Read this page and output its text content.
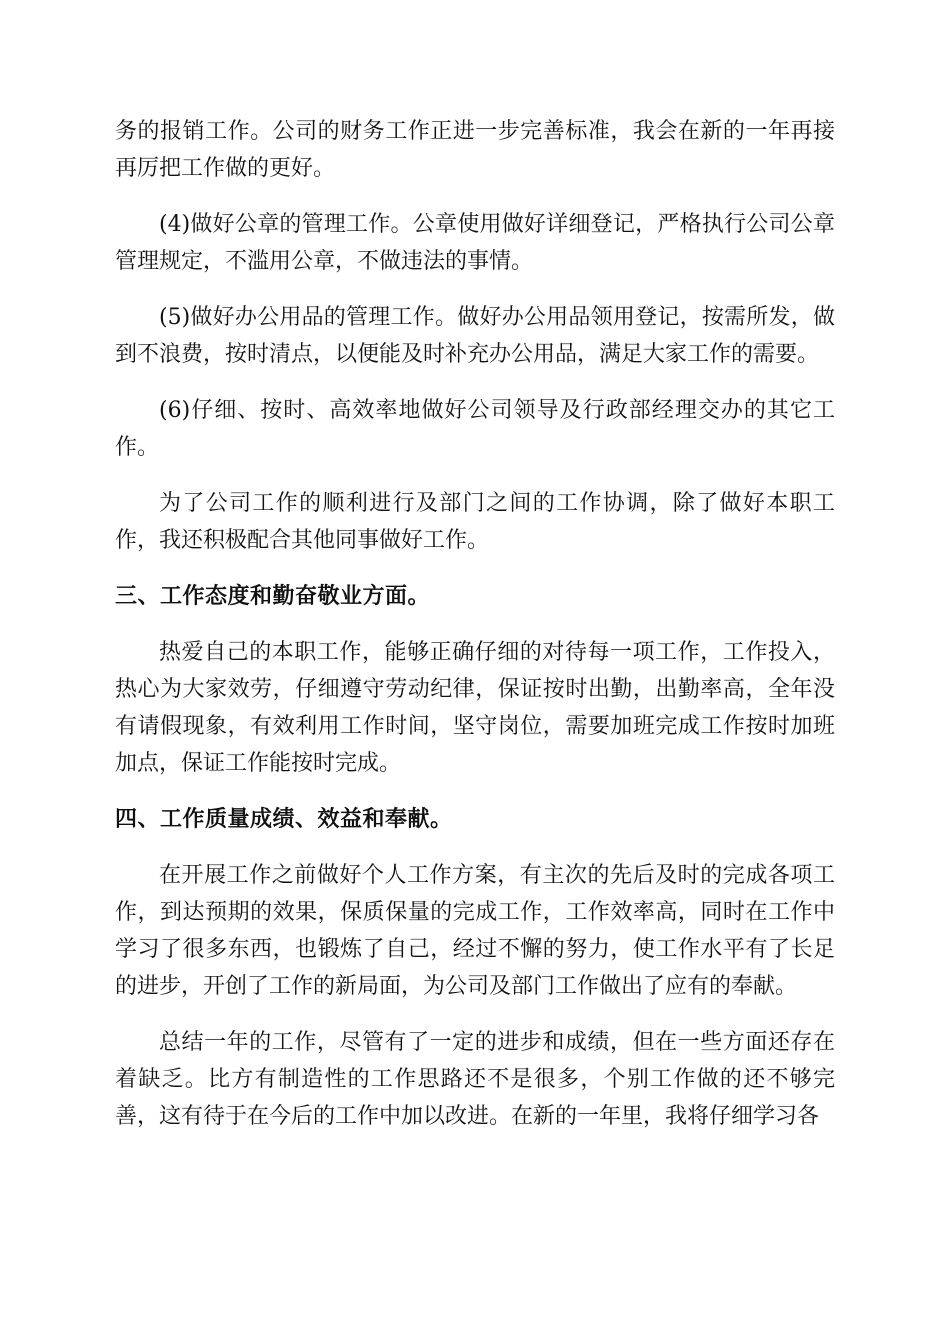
务的报销工作。公司的财务工作正进一步完善标准，我会在新的一年再接再厉把工作做的更好。

(4)做好公章的管理工作。公章使用做好详细登记，严格执行公司公章管理规定，不滥用公章，不做违法的事情。

(5)做好办公用品的管理工作。做好办公用品领用登记，按需所发，做到不浪费，按时清点，以便能及时补充办公用品，满足大家工作的需要。

(6)仔细、按时、高效率地做好公司领导及行政部经理交办的其它工作。

为了公司工作的顺利进行及部门之间的工作协调，除了做好本职工作，我还积极配合其他同事做好工作。

三、工作态度和勤奋敬业方面。

热爱自己的本职工作，能够正确仔细的对待每一项工作，工作投入，热心为大家效劳，仔细遵守劳动纪律，保证按时出勤，出勤率高，全年没有请假现象，有效利用工作时间，坚守岗位，需要加班完成工作按时加班加点，保证工作能按时完成。

四、工作质量成绩、效益和奉献。

在开展工作之前做好个人工作方案，有主次的先后及时的完成各项工作，到达预期的效果，保质保量的完成工作，工作效率高，同时在工作中学习了很多东西，也锻炼了自己，经过不懈的努力，使工作水平有了长足的进步，开创了工作的新局面，为公司及部门工作做出了应有的奉献。

总结一年的工作，尽管有了一定的进步和成绩，但在一些方面还存在着缺乏。比方有制造性的工作思路还不是很多，个别工作做的还不够完善，这有待于在今后的工作中加以改进。在新的一年里，我将仔细学习各
